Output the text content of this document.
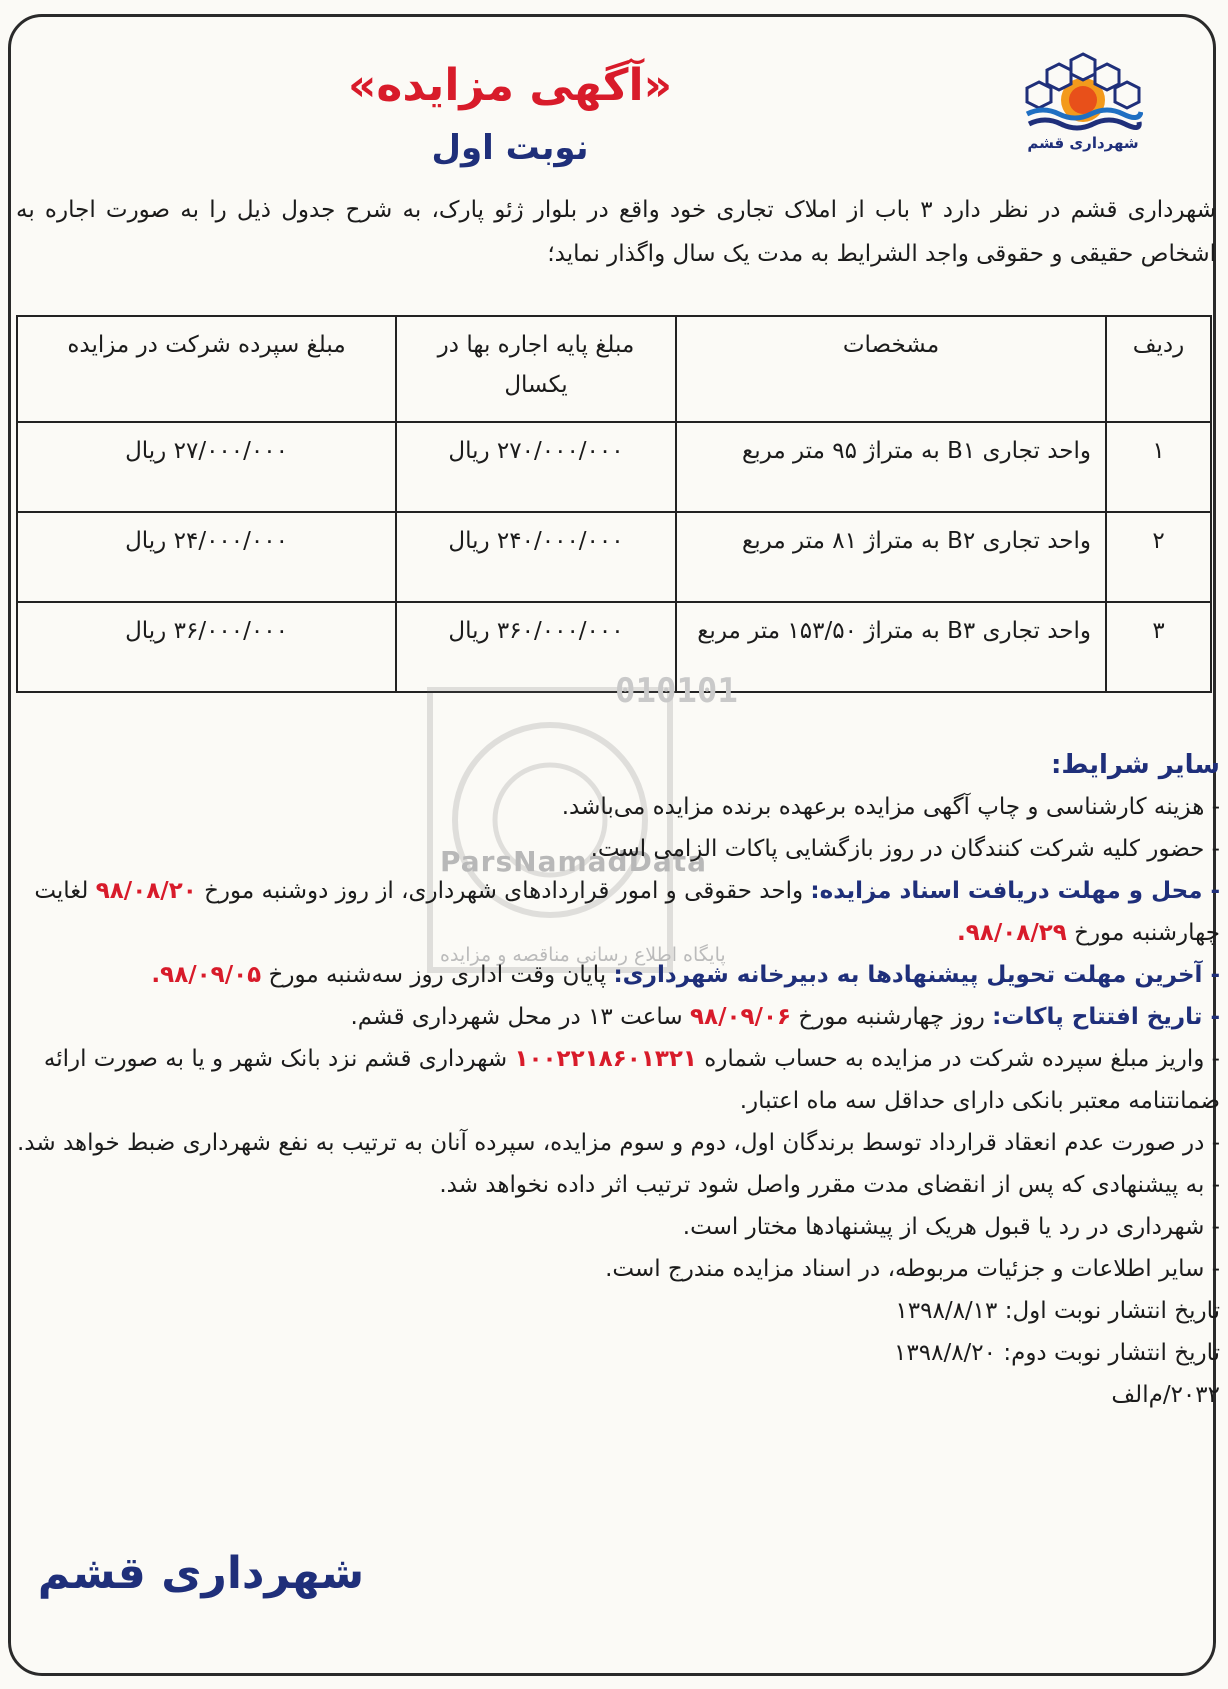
شهرداری قشم
«آگهی مزایده»
نوبت اول
شهرداری قشم در نظر دارد ۳ باب از املاک تجاری خود واقع در بلوار ژئو پارک، به شرح جدول ذیل را به صورت اجاره به اشخاص حقیقی و حقوقی واجد الشرایط به مدت یک سال واگذار نماید؛
ردیف	مشخصات	مبلغ پایه اجاره بها در یکسال	مبلغ سپرده شرکت در مزایده
۱	واحد تجاری B۱ به متراژ ۹۵ متر مربع	۲۷۰/۰۰۰/۰۰۰ ریال	۲۷/۰۰۰/۰۰۰ ریال
۲	واحد تجاری B۲ به متراژ ۸۱ متر مربع	۲۴۰/۰۰۰/۰۰۰ ریال	۲۴/۰۰۰/۰۰۰ ریال
۳	واحد تجاری B۳ به متراژ ۱۵۳/۵۰ متر مربع	۳۶۰/۰۰۰/۰۰۰ ریال	۳۶/۰۰۰/۰۰۰ ریال
010101
ParsNamadData
پایگاه اطلاع رسانی مناقصه و مزایده

سایر شرایط:

- هزینه کارشناسی و چاپ آگهی مزایده برعهده برنده مزایده می‌باشد.

- حضور کلیه شرکت کنندگان در روز بازگشایی پاکات الزامی است.

- محل و مهلت دریافت اسناد مزایده: واحد حقوقی و امور قراردادهای شهرداری، از روز دوشنبه مورخ ۹۸/۰۸/۲۰ لغایت چهارشنبه مورخ ۹۸/۰۸/۲۹.

- آخرین مهلت تحویل پیشنهادها به دبیرخانه شهرداری: پایان وقت اداری روز سه‌شنبه مورخ ۹۸/۰۹/۰۵.

- تاریخ افتتاح پاکات: روز چهارشنبه مورخ ۹۸/۰۹/۰۶ ساعت ۱۳ در محل شهرداری قشم.

- واریز مبلغ سپرده شرکت در مزایده به حساب شماره ۱۰۰۲۲۱۸۶۰۱۳۲۱ شهرداری قشم نزد بانک شهر و یا به صورت ارائه ضمانتنامه معتبر بانکی دارای حداقل سه ماه اعتبار.

- در صورت عدم انعقاد قرارداد توسط برندگان اول، دوم و سوم مزایده، سپرده آنان به ترتیب به نفع شهرداری ضبط خواهد شد.

- به پیشنهادی که پس از انقضای مدت مقرر واصل شود ترتیب اثر داده نخواهد شد.

- شهرداری در رد یا قبول هریک از پیشنهادها مختار است.

- سایر اطلاعات و جزئیات مربوطه، در اسناد مزایده مندرج است.

تاریخ انتشار نوبت اول: ۱۳۹۸/۸/۱۳

تاریخ انتشار نوبت دوم: ۱۳۹۸/۸/۲۰

۲۰۳۲/م‌الف

شهرداری قشم
